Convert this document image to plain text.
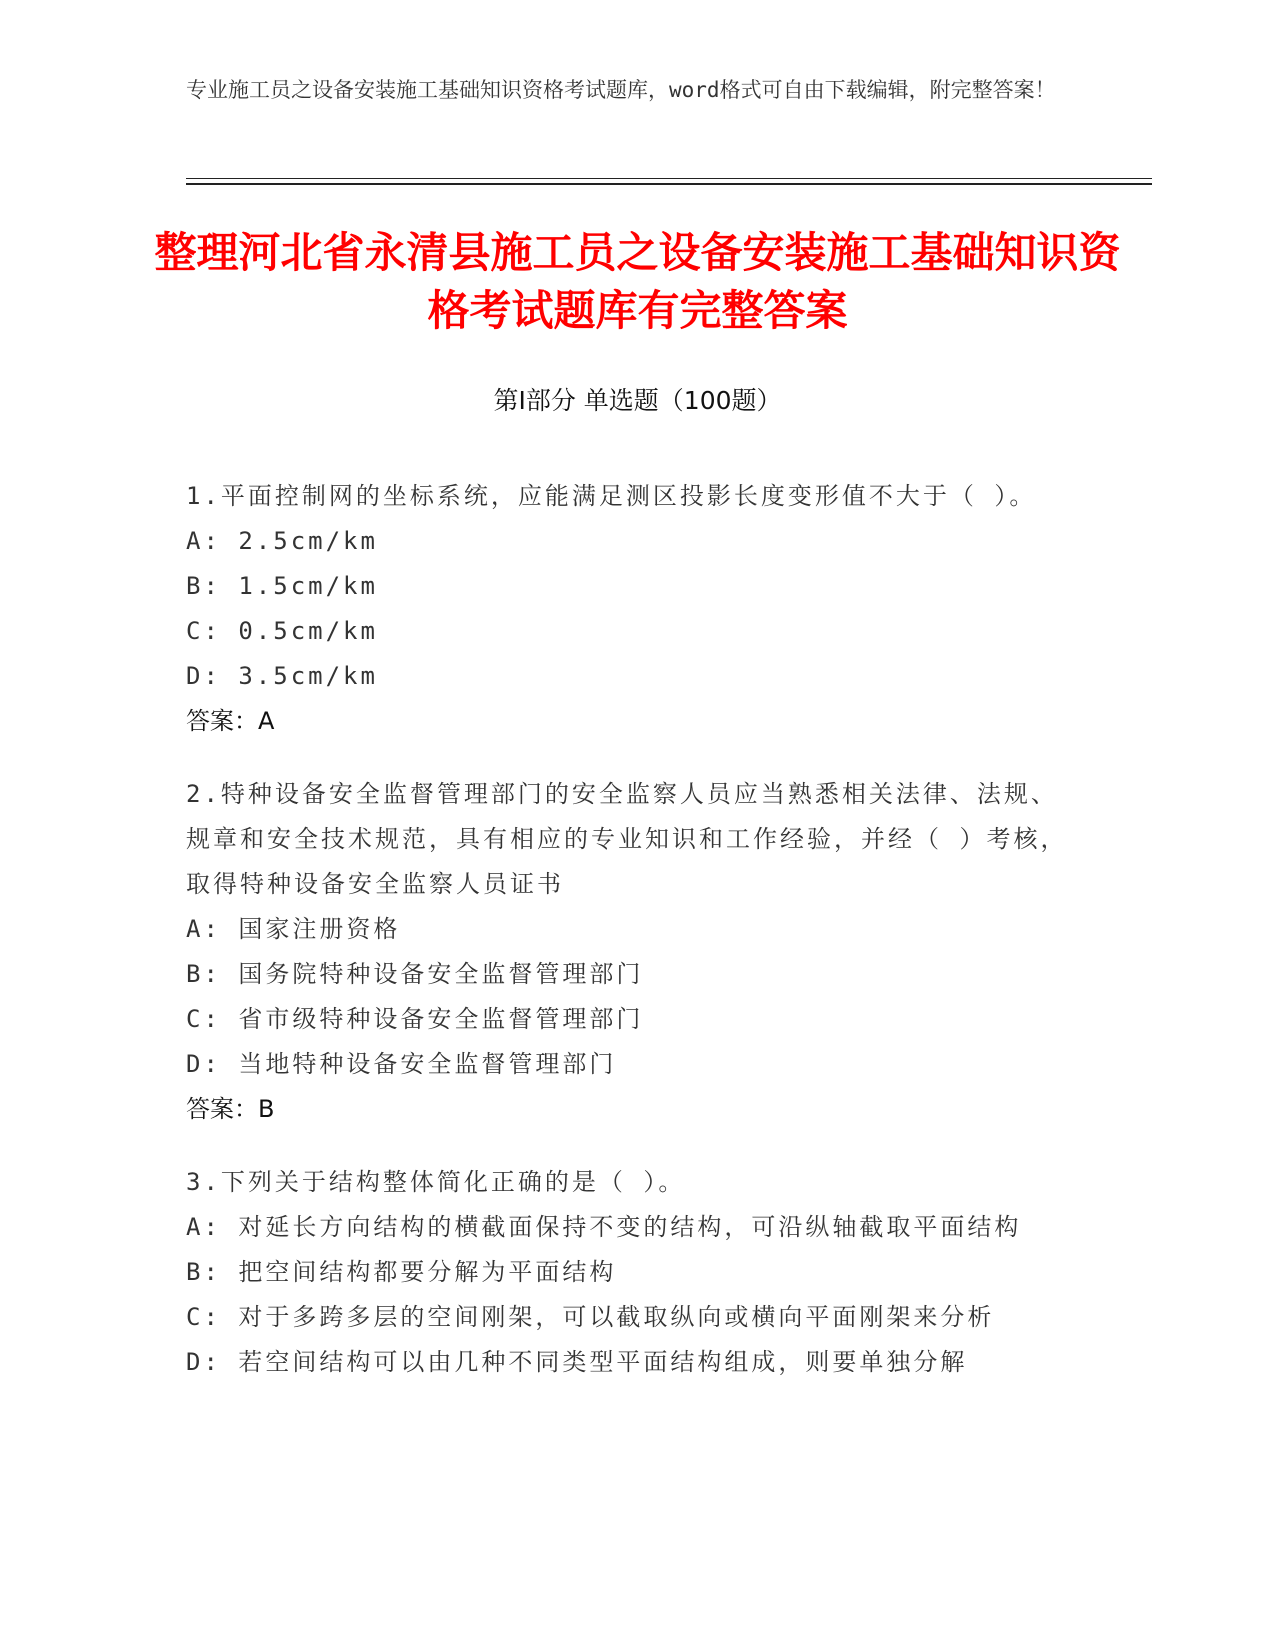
专业施工员之设备安装施工基础知识资格考试题库，word格式可自由下载编辑，附完整答案！
整理河北省永清县施工员之设备安装施工基础知识资格考试题库有完整答案
第Ⅰ部分 单选题（100题）

1.平面控制网的坐标系统，应能满足测区投影长度变形值不大于（ ）。

A: 2.5cm/km

B: 1.5cm/km

C: 0.5cm/km

D: 3.5cm/km

答案：A

2.特种设备安全监督管理部门的安全监察人员应当熟悉相关法律、法规、规章和安全技术规范，具有相应的专业知识和工作经验，并经（ ）考核，取得特种设备安全监察人员证书

A: 国家注册资格

B: 国务院特种设备安全监督管理部门

C: 省市级特种设备安全监督管理部门

D: 当地特种设备安全监督管理部门

答案：B

3.下列关于结构整体简化正确的是（ ）。

A: 对延长方向结构的横截面保持不变的结构，可沿纵轴截取平面结构

B: 把空间结构都要分解为平面结构

C: 对于多跨多层的空间刚架，可以截取纵向或横向平面刚架来分析

D: 若空间结构可以由几种不同类型平面结构组成，则要单独分解
